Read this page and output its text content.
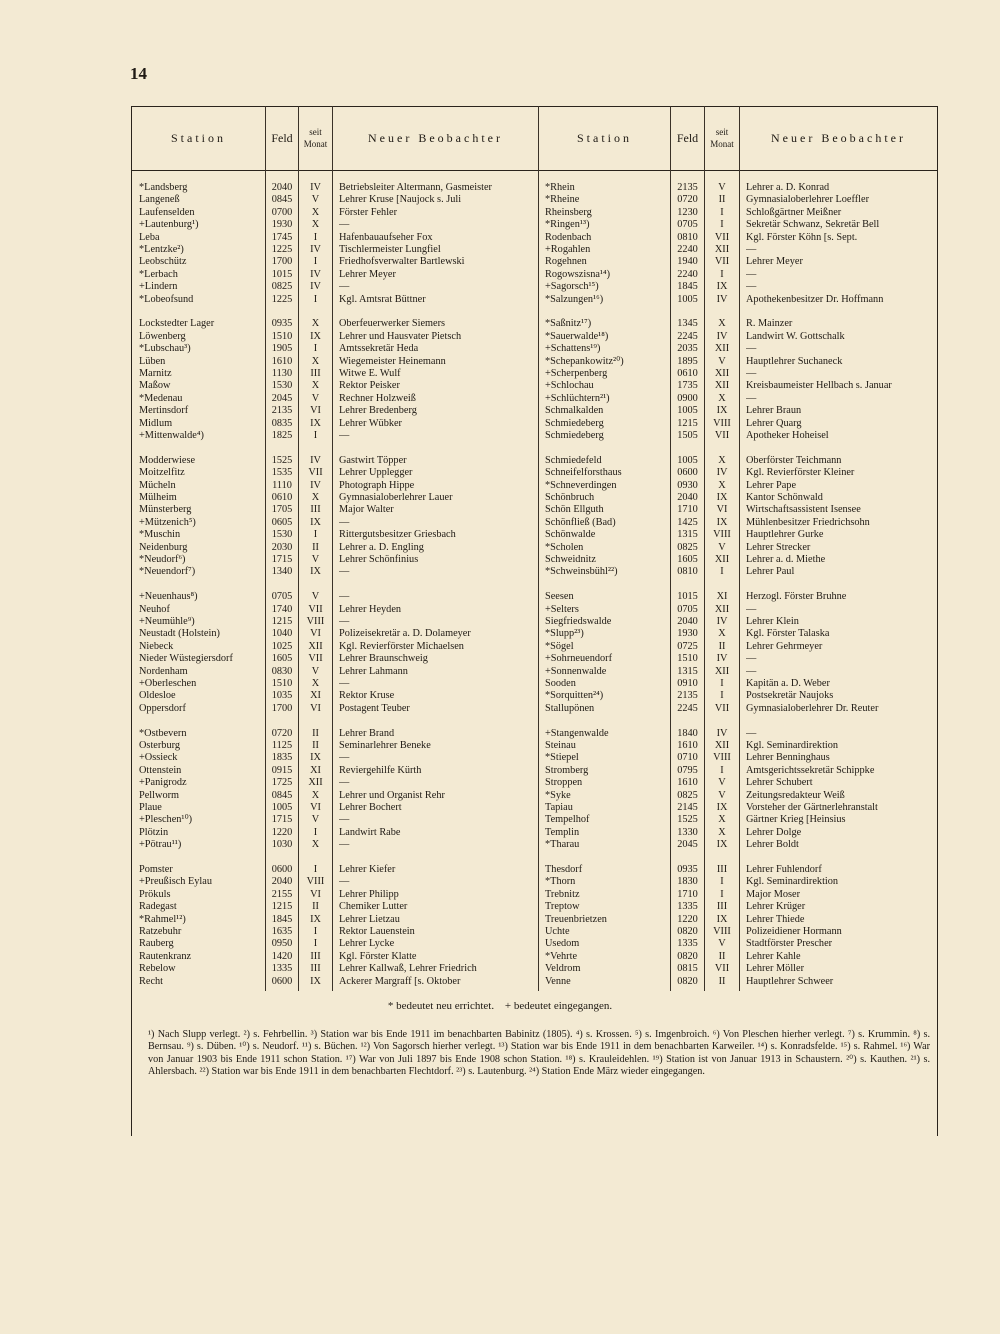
14
Station	Feld	seit Monat	Neuer Beobachter	Station	Feld	seit Monat	Neuer Beobachter
*Landsberg	2040	IV	Betriebsleiter Altermann, Gasmeister	*Rhein	2135	V	Lehrer a. D. Konrad
Langeneß	0845	V	Lehrer Kruse [Naujock s. Juli	*Rheine	0720	II	Gymnasialoberlehrer Loeffler
Laufenselden	0700	X	Förster Fehler	Rheinsberg	1230	I	Schloßgärtner Meißner
+Lautenburg¹)	1930	X	—	*Ringen¹³)	0705	I	Sekretär Schwanz, Sekretär Bell
Leba	1745	I	Hafenbauaufseher Fox	Rodenbach	0810	VII	Kgl. Förster Köhn [s. Sept.
*Lentzke²)	1225	IV	Tischlermeister Lungfiel	+Rogahlen	2240	XII	—
Leobschütz	1700	I	Friedhofsverwalter Bartlewski	Rogehnen	1940	VII	Lehrer Meyer
*Lerbach	1015	IV	Lehrer Meyer	Rogowszisna¹⁴)	2240	I	—
+Lindern	0825	IV	—	+Sagorsch¹⁵)	1845	IX	—
*Lobeofsund	1225	I	Kgl. Amtsrat Büttner	*Salzungen¹⁶)	1005	IV	Apothekenbesitzer Dr. Hoffmann
Lockstedter Lager	0935	X	Oberfeuerwerker Siemers	*Saßnitz¹⁷)	1345	X	R. Mainzer
Löwenberg	1510	IX	Lehrer und Hausvater Pietsch	*Sauerwalde¹⁸)	2245	IV	Landwirt W. Gottschalk
*Lubschau³)	1905	I	Amtssekretär Heda	+Schattens¹⁹)	2035	XII	—
Lüben	1610	X	Wiegemeister Heinemann	*Schepankowitz²⁰)	1895	V	Hauptlehrer Suchaneck
Marnitz	1130	III	Witwe E. Wulf	+Scherpenberg	0610	XII	—
Maßow	1530	X	Rektor Peisker	+Schlochau	1735	XII	Kreisbaumeister Hellbach s. Januar
*Medenau	2045	V	Rechner Holzweiß	+Schlüchtern²¹)	0900	X	—
Mertinsdorf	2135	VI	Lehrer Bredenberg	Schmalkalden	1005	IX	Lehrer Braun
Midlum	0835	IX	Lehrer Wübker	Schmiedeberg	1215	VIII	Lehrer Quarg
+Mittenwalde⁴)	1825	I	—	Schmiedeberg	1505	VII	Apotheker Hoheisel
Modderwiese	1525	IV	Gastwirt Töpper	Schmiedefeld	1005	X	Oberförster Teichmann
Moitzelfitz	1535	VII	Lehrer Upplegger	Schneifelforsthaus	0600	IV	Kgl. Revierförster Kleiner
Mücheln	1110	IV	Photograph Hippe	*Schneverdingen	0930	X	Lehrer Pape
Mülheim	0610	X	Gymnasialoberlehrer Lauer	Schönbruch	2040	IX	Kantor Schönwald
Münsterberg	1705	III	Major Walter	Schön Ellguth	1710	VI	Wirtschaftsassistent Isensee
+Mützenich⁵)	0605	IX	—	Schönfließ (Bad)	1425	IX	Mühlenbesitzer Friedrichsohn
*Muschin	1530	I	Rittergutsbesitzer Griesbach	Schönwalde	1315	VIII	Hauptlehrer Gurke
Neidenburg	2030	II	Lehrer a. D. Engling	*Scholen	0825	V	Lehrer Strecker
*Neudorf⁶)	1715	V	Lehrer Schönfinius	Schweidnitz	1605	XII	Lehrer a. d. Miethe
*Neuendorf⁷)	1340	IX	—	*Schweinsbühl²²)	0810	I	Lehrer Paul
+Neuenhaus⁸)	0705	V	—	Seesen	1015	XI	Herzogl. Förster Bruhne
Neuhof	1740	VII	Lehrer Heyden	+Selters	0705	XII	—
+Neumühle⁹)	1215	VIII	—	Siegfriedswalde	2040	IV	Lehrer Klein
Neustadt (Holstein)	1040	VI	Polizeisekretär a. D. Dolameyer	*Slupp²³)	1930	X	Kgl. Förster Talaska
Niebeck	1025	XII	Kgl. Revierförster Michaelsen	*Sögel	0725	II	Lehrer Gehrmeyer
Nieder Wüstegiersdorf	1605	VII	Lehrer Braunschweig	+Sohrneuendorf	1510	IV	—
Nordenham	0830	V	Lehrer Lahmann	+Sonnenwalde	1315	XII	—
+Oberleschen	1510	X	—	Sooden	0910	I	Kapitän a. D. Weber
Oldesloe	1035	XI	Rektor Kruse	*Sorquitten²⁴)	2135	I	Postsekretär Naujoks
Oppersdorf	1700	VI	Postagent Teuber	Stallupönen	2245	VII	Gymnasialoberlehrer Dr. Reuter
*Ostbevern	0720	II	Lehrer Brand	+Stangenwalde	1840	IV	—
Osterburg	1125	II	Seminarlehrer Beneke	Steinau	1610	XII	Kgl. Seminardirektion
+Ossieck	1835	IX	—	*Stiepel	0710	VIII	Lehrer Benninghaus
Ottenstein	0915	XI	Reviergehilfe Kürth	Stromberg	0795	I	Amtsgerichtssekretär Schippke
+Panigrodz	1725	XII	—	Stroppen	1610	V	Lehrer Schubert
Pellworm	0845	X	Lehrer und Organist Rehr	*Syke	0825	V	Zeitungsredakteur Weiß
Plaue	1005	VI	Lehrer Bochert	Tapiau	2145	IX	Vorsteher der Gärtnerlehranstalt
+Pleschen¹⁰)	1715	V	—	Tempelhof	1525	X	Gärtner Krieg [Heinsius
Plötzin	1220	I	Landwirt Rabe	Templin	1330	X	Lehrer Dolge
+Pötrau¹¹)	1030	X	—	*Tharau	2045	IX	Lehrer Boldt
Pomster	0600	I	Lehrer Kiefer	Thesdorf	0935	III	Lehrer Fuhlendorf
+Preußisch Eylau	2040	VIII	—	*Thorn	1830	I	Kgl. Seminardirektion
Prökuls	2155	VI	Lehrer Philipp	Trebnitz	1710	I	Major Moser
Radegast	1215	II	Chemiker Lutter	Treptow	1335	III	Lehrer Krüger
*Rahmel¹²)	1845	IX	Lehrer Lietzau	Treuenbrietzen	1220	IX	Lehrer Thiede
Ratzebuhr	1635	I	Rektor Lauenstein	Uchte	0820	VIII	Polizeidiener Hormann
Rauberg	0950	I	Lehrer Lycke	Usedom	1335	V	Stadtförster Prescher
Rautenkranz	1420	III	Kgl. Förster Klatte	*Vehrte	0820	II	Lehrer Kahle
Rebelow	1335	III	Lehrer Kallwaß, Lehrer Friedrich	Veldrom	0815	VII	Lehrer Möller
Recht	0600	IX	Ackerer Margraff [s. Oktober	Venne	0820	II	Hauptlehrer Schweer
* bedeutet neu errichtet. + bedeutet eingegangen.
¹) Nach Slupp verlegt. ²) s. Fehrbellin. ³) Station war bis Ende 1911 im benachbarten Babinitz (1805). ⁴) s. Krossen. ⁵) s. Imgenbroich. ⁶) Von Pleschen hierher verlegt. ⁷) s. Krummin. ⁸) s. Bernsau. ⁹) s. Düben. ¹⁰) s. Neudorf. ¹¹) s. Büchen. ¹²) Von Sagorsch hierher verlegt. ¹³) Station war bis Ende 1911 in dem benachbarten Karweiler. ¹⁴) s. Konradsfelde. ¹⁵) s. Rahmel. ¹⁶) War von Januar 1903 bis Ende 1911 schon Station. ¹⁷) War von Juli 1897 bis Ende 1908 schon Station. ¹⁸) s. Krauleidehlen. ¹⁹) Station ist von Januar 1913 in Schaustern. ²⁰) s. Kauthen. ²¹) s. Ahlersbach. ²²) Station war bis Ende 1911 in dem benachbarten Flechtdorf. ²³) s. Lautenburg. ²⁴) Station Ende März wieder eingegangen.
